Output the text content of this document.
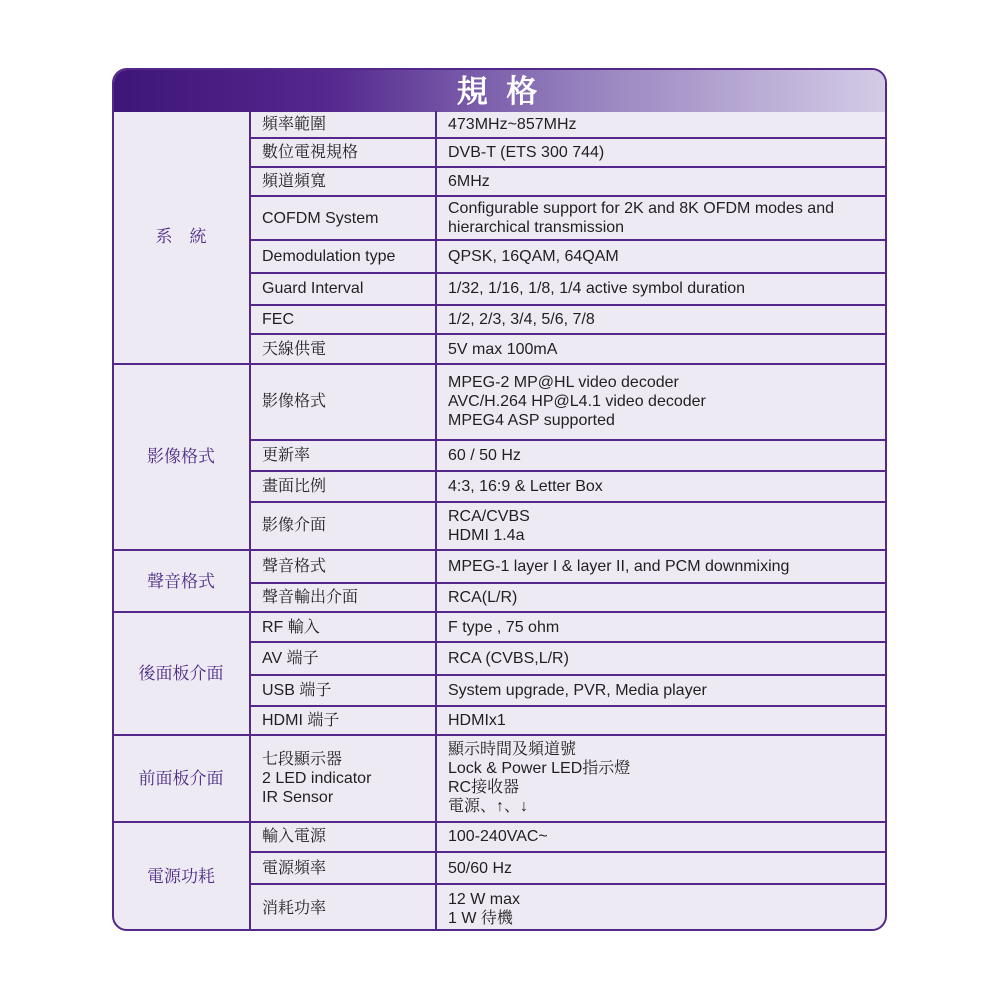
規 格
系　統	頻率範圍	473MHz~857MHz

	數位電視規格	DVB-T (ETS 300 744)

	頻道頻寬	6MHz

	COFDM System	Configurable support for 2K and 8K OFDM modes and
hierarchical transmission

	Demodulation type	QPSK, 16QAM, 64QAM

	Guard Interval	1/32, 1/16, 1/8, 1/4 active symbol duration

	FEC	1/2, 2/3, 3/4, 5/6, 7/8

	天線供電	5V max 100mA

影像格式	影像格式	MPEG-2 MP@HL video decoder
AVC/H.264 HP@L4.1 video decoder
MPEG4 ASP supported

	更新率	60 / 50 Hz

	畫面比例	4:3, 16:9 & Letter Box

	影像介面	RCA/CVBS
HDMI 1.4a

聲音格式	聲音格式	MPEG-1 layer I & layer II, and PCM downmixing

	聲音輸出介面	RCA(L/R)

後面板介面	RF 輸入	F type , 75 ohm

	AV 端子	RCA (CVBS,L/R)

	USB 端子	System upgrade, PVR, Media player

	HDMI 端子	HDMIx1

前面板介面	七段顯示器
2 LED indicator
IR Sensor	顯示時間及頻道號
Lock & Power LED指示燈
RC接收器
電源、↑、↓

電源功耗	輸入電源	100-240VAC~

	電源頻率	50/60 Hz

	消耗功率	12 W max
1 W 待機
